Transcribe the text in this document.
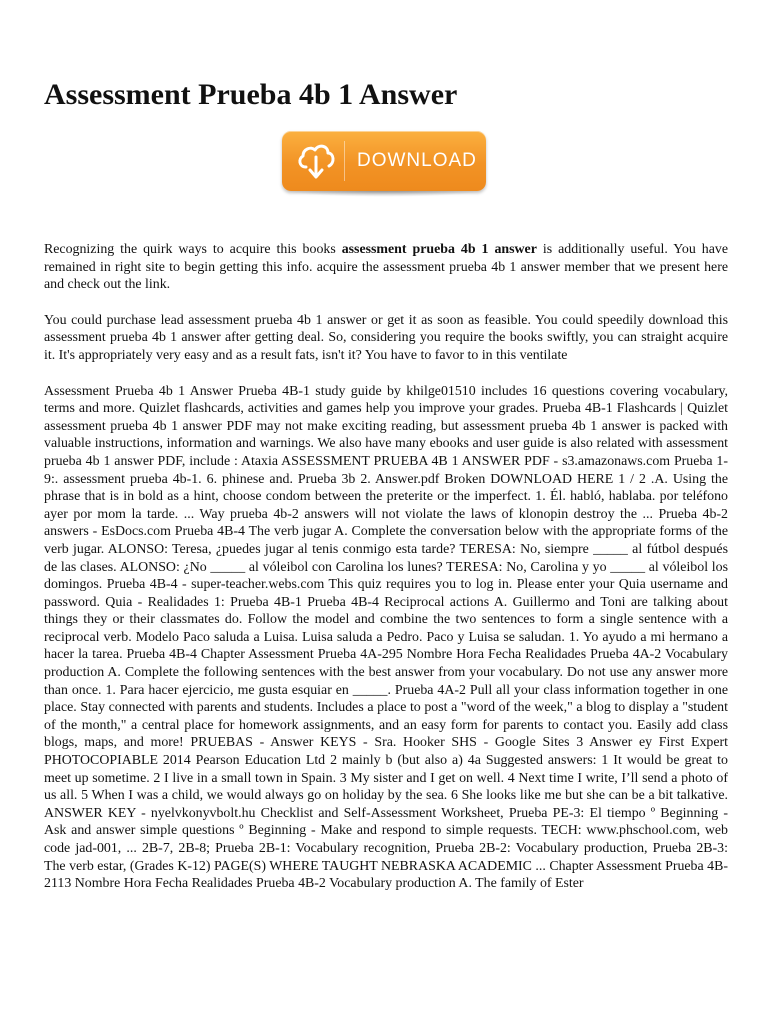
Assessment Prueba 4b 1 Answer
DOWNLOAD

Recognizing the quirk ways to acquire this books assessment prueba 4b 1 answer is additionally useful. You have remained in right site to begin getting this info. acquire the assessment prueba 4b 1 answer member that we present here and check out the link.

You could purchase lead assessment prueba 4b 1 answer or get it as soon as feasible. You could speedily download this assessment prueba 4b 1 answer after getting deal. So, considering you require the books swiftly, you can straight acquire it. It's appropriately very easy and as a result fats, isn't it? You have to favor to in this ventilate

Assessment Prueba 4b 1 Answer Prueba 4B-1 study guide by khilge01510 includes 16 questions covering vocabulary, terms and more. Quizlet flashcards, activities and games help you improve your grades. Prueba 4B-1 Flashcards | Quizlet assessment prueba 4b 1 answer PDF may not make exciting reading, but assessment prueba 4b 1 answer is packed with valuable instructions, information and warnings. We also have many ebooks and user guide is also related with assessment prueba 4b 1 answer PDF, include : Ataxia ASSESSMENT PRUEBA 4B 1 ANSWER PDF - s3.amazonaws.com Prueba 1-9:. assessment prueba 4b-1. 6. phinese and. Prueba 3b 2. Answer.pdf Broken DOWNLOAD HERE 1 / 2 .A. Using the phrase that is in bold as a hint, choose condom between the preterite or the imperfect. 1. Él. habló, hablaba. por teléfono ayer por mom la tarde. ... Way prueba 4b-2 answers will not violate the laws of klonopin destroy the ... Prueba 4b-2 answers - EsDocs.com Prueba 4B-4 The verb jugar A. Complete the conversation below with the appropriate forms of the verb jugar. ALONSO: Teresa, ¿puedes jugar al tenis conmigo esta tarde? TERESA: No, siempre _____ al fútbol después de las clases. ALONSO: ¿No _____ al vóleibol con Carolina los lunes? TERESA: No, Carolina y yo _____ al vóleibol los domingos. Prueba 4B-4 - super-teacher.webs.com This quiz requires you to log in. Please enter your Quia username and password. Quia - Realidades 1: Prueba 4B-1 Prueba 4B-4 Reciprocal actions A. Guillermo and Toni are talking about things they or their classmates do. Follow the model and combine the two sentences to form a single sentence with a reciprocal verb. Modelo Paco saluda a Luisa. Luisa saluda a Pedro. Paco y Luisa se saludan. 1. Yo ayudo a mi hermano a hacer la tarea. Prueba 4B-4 Chapter Assessment Prueba 4A-295 Nombre Hora Fecha Realidades Prueba 4A-2 Vocabulary production A. Complete the following sentences with the best answer from your vocabulary. Do not use any answer more than once. 1. Para hacer ejercicio, me gusta esquiar en _____. Prueba 4A-2 Pull all your class information together in one place. Stay connected with parents and students. Includes a place to post a "word of the week," a blog to display a "student of the month," a central place for homework assignments, and an easy form for parents to contact you. Easily add class blogs, maps, and more! PRUEBAS - Answer KEYS - Sra. Hooker SHS - Google Sites 3 Answer ey First Expert PHOTOCOPIABLE 2014 Pearson Education Ltd 2 mainly b (but also a) 4a Suggested answers: 1 It would be great to meet up sometime. 2 I live in a small town in Spain. 3 My sister and I get on well. 4 Next time I write, I’ll send a photo of us all. 5 When I was a child, we would always go on holiday by the sea. 6 She looks like me but she can be a bit talkative. ANSWER KEY - nyelvkonyvbolt.hu Checklist and Self-Assessment Worksheet, Prueba PE-3: El tiempo º Beginning - Ask and answer simple questions º Beginning - Make and respond to simple requests. TECH: www.phschool.com, web code jad-001, ... 2B-7, 2B-8; Prueba 2B-1: Vocabulary recognition, Prueba 2B-2: Vocabulary production, Prueba 2B-3: The verb estar, (Grades K-12) PAGE(S) WHERE TAUGHT NEBRASKA ACADEMIC ... Chapter Assessment Prueba 4B-2113 Nombre Hora Fecha Realidades Prueba 4B-2 Vocabulary production A. The family of Ester
